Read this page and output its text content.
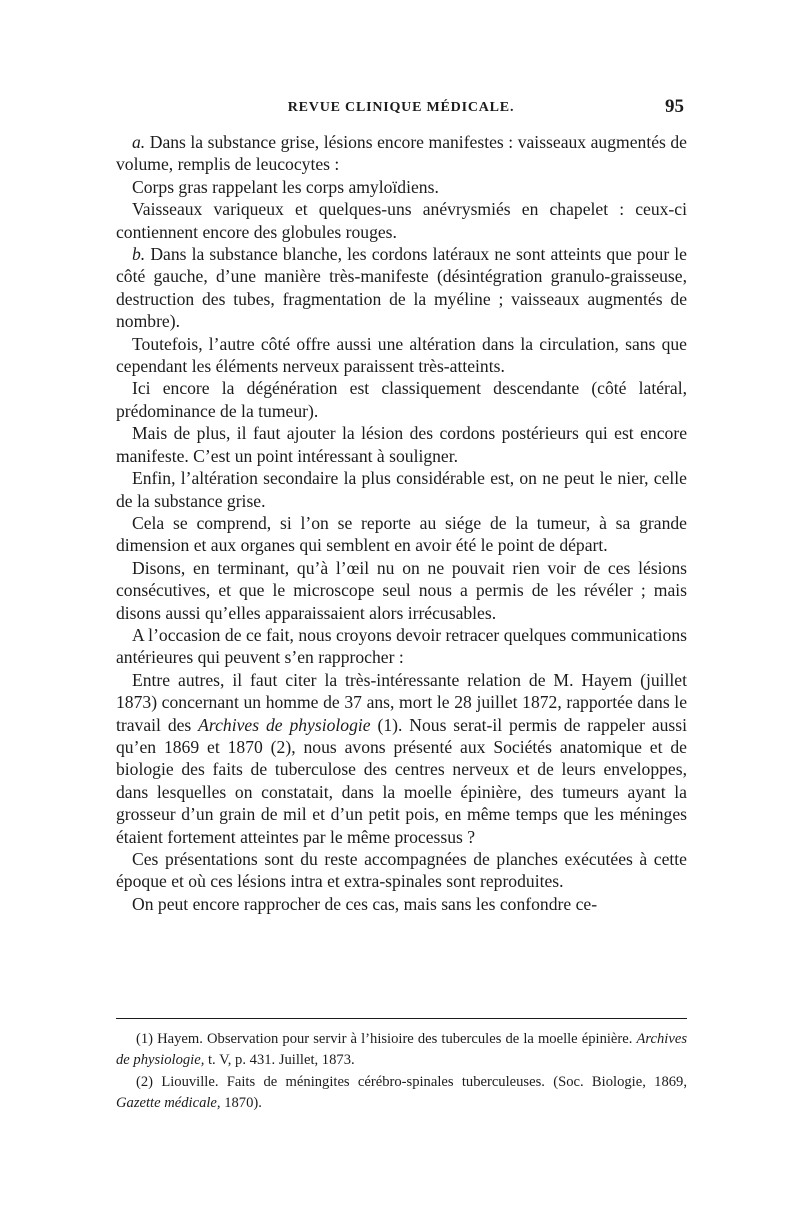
REVUE CLINIQUE MÉDICALE.	95

a. Dans la substance grise, lésions encore manifestes : vaisseaux augmentés de volume, remplis de leucocytes :

Corps gras rappelant les corps amyloïdiens.

Vaisseaux variqueux et quelques-uns anévrysmiés en chapelet : ceux-ci contiennent encore des globules rouges.

b. Dans la substance blanche, les cordons latéraux ne sont atteints que pour le côté gauche, d’une manière très-manifeste (désintégration granulo-graisseuse, destruction des tubes, fragmentation de la myéline ; vaisseaux augmentés de nombre).

Toutefois, l’autre côté offre aussi une altération dans la circulation, sans que cependant les éléments nerveux paraissent très-atteints.

Ici encore la dégénération est classiquement descendante (côté latéral, prédominance de la tumeur).

Mais de plus, il faut ajouter la lésion des cordons postérieurs qui est encore manifeste. C’est un point intéressant à souligner.

Enfin, l’altération secondaire la plus considérable est, on ne peut le nier, celle de la substance grise.

Cela se comprend, si l’on se reporte au siége de la tumeur, à sa grande dimension et aux organes qui semblent en avoir été le point de départ.

Disons, en terminant, qu’à l’œil nu on ne pouvait rien voir de ces lésions consécutives, et que le microscope seul nous a permis de les révéler ; mais disons aussi qu’elles apparaissaient alors irrécusables.

A l’occasion de ce fait, nous croyons devoir retracer quelques communications antérieures qui peuvent s’en rapprocher :

Entre autres, il faut citer la très-intéressante relation de M. Hayem (juillet 1873) concernant un homme de 37 ans, mort le 28 juillet 1872, rapportée dans le travail des Archives de physiologie (1). Nous serat-il permis de rappeler aussi qu’en 1869 et 1870 (2), nous avons présenté aux Sociétés anatomique et de biologie des faits de tuberculose des centres nerveux et de leurs enveloppes, dans lesquelles on constatait, dans la moelle épinière, des tumeurs ayant la grosseur d’un grain de mil et d’un petit pois, en même temps que les méninges étaient fortement atteintes par le même processus ?

Ces présentations sont du reste accompagnées de planches exécutées à cette époque et où ces lésions intra et extra-spinales sont reproduites.

On peut encore rapprocher de ces cas, mais sans les confondre ce-

(1) Hayem. Observation pour servir à l’hisioire des tubercules de la moelle épinière. Archives de physiologie, t. V, p. 431. Juillet, 1873.

(2) Liouville. Faits de méningites cérébro-spinales tuberculeuses. (Soc. Biologie, 1869, Gazette médicale, 1870).
